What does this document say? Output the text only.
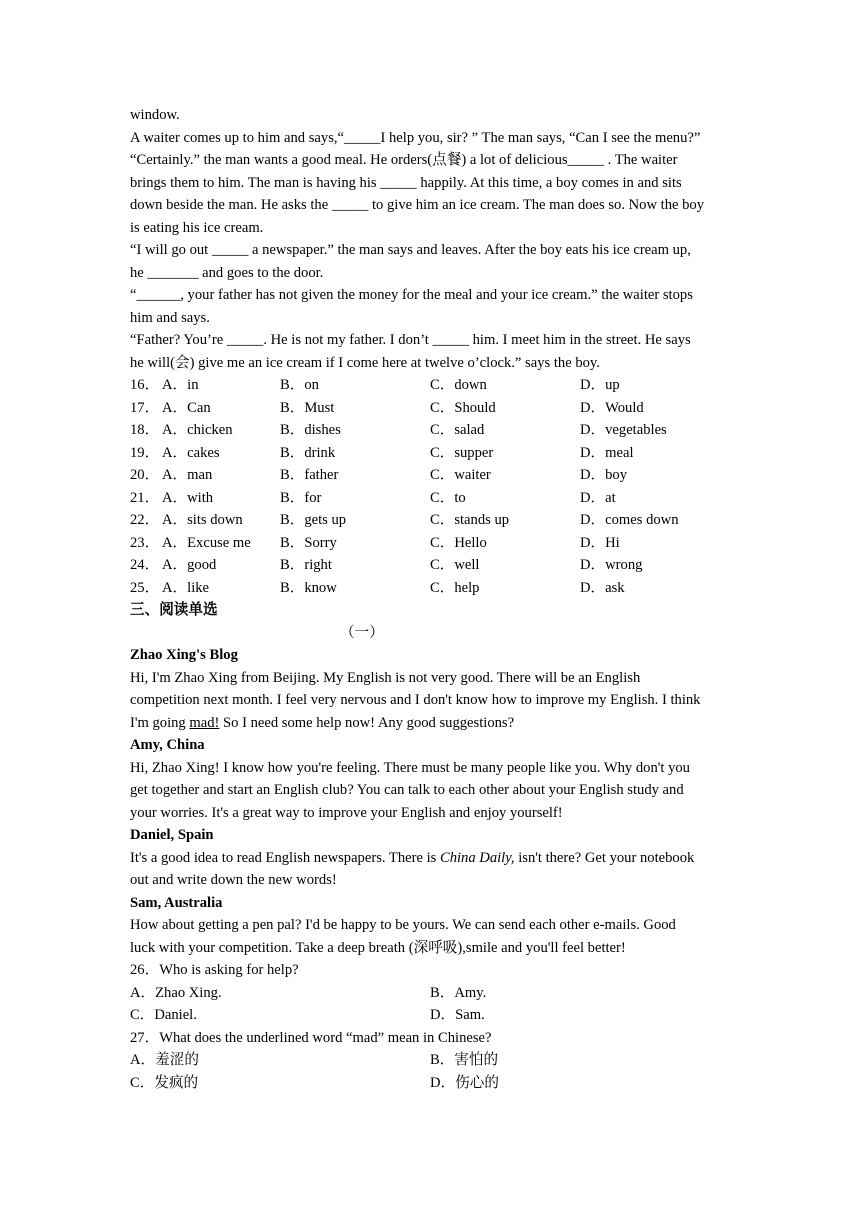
window.
A waiter comes up to him and says,“_____I help you, sir? ” The man says, “Can I see the menu?”
“Certainly.” the man wants a good meal. He orders(点餐) a lot of delicious_____ . The waiter
brings them to him. The man is having his _____ happily. At this time, a boy comes in and sits
down beside the man. He asks the _____ to give him an ice cream. The man does so. Now the boy
is eating his ice cream.
“I will go out _____ a newspaper.” the man says and leaves. After the boy eats his ice cream up,
he _______ and goes to the door.
“______, your father has not given the money for the meal and your ice cream.” the waiter stops
him and says.
“Father? You’re _____. He is not my father. I don’t _____ him. I meet him in the street. He says
he will(会) give me an ice cream if I come here at twelve o’clock.” says the boy.
16． A．in	B．on	C．down	D．up
17． A．Can	B．Must	C．Should	D．Would
18． A．chicken	B．dishes	C．salad	D．vegetables
19． A．cakes	B．drink	C．supper	D．meal
20． A．man	B．father	C．waiter	D．boy
21． A．with	B．for	C．to	D．at
22． A．sits down	B．gets up	C．stands up	D．comes down
23． A．Excuse me	B．Sorry	C．Hello	D．Hi
24． A．good	B．right	C．well	D．wrong
25． A．like	B．know	C．help	D．ask
三、阅读单选
（一）
Zhao Xing's Blog
Hi, I'm Zhao Xing from Beijing. My English is not very good. There will be an English
competition next month. I feel very nervous and I don't know how to improve my English. I think
I'm going mad! So I need some help now! Any good suggestions?
Amy, China
Hi, Zhao Xing! I know how you're feeling. There must be many people like you. Why don't you
get together and start an English club? You can talk to each other about your English study and
your worries. It's a great way to improve your English and enjoy yourself!
Daniel, Spain
It's a good idea to read English newspapers. There is China Daily, isn't there? Get your notebook
out and write down the new words!
Sam, Australia
How about getting a pen pal? I'd be happy to be yours. We can send each other e-mails. Good
luck with your competition. Take a deep breath (深呼吸),smile and you'll feel better!
26．Who is asking for help?
A．Zhao Xing.	B．Amy.
C．Daniel.	D．Sam.
27．What does the underlined word “mad” mean in Chinese?
A．羞涩的	B．害怕的
C．发疯的	D．伤心的
